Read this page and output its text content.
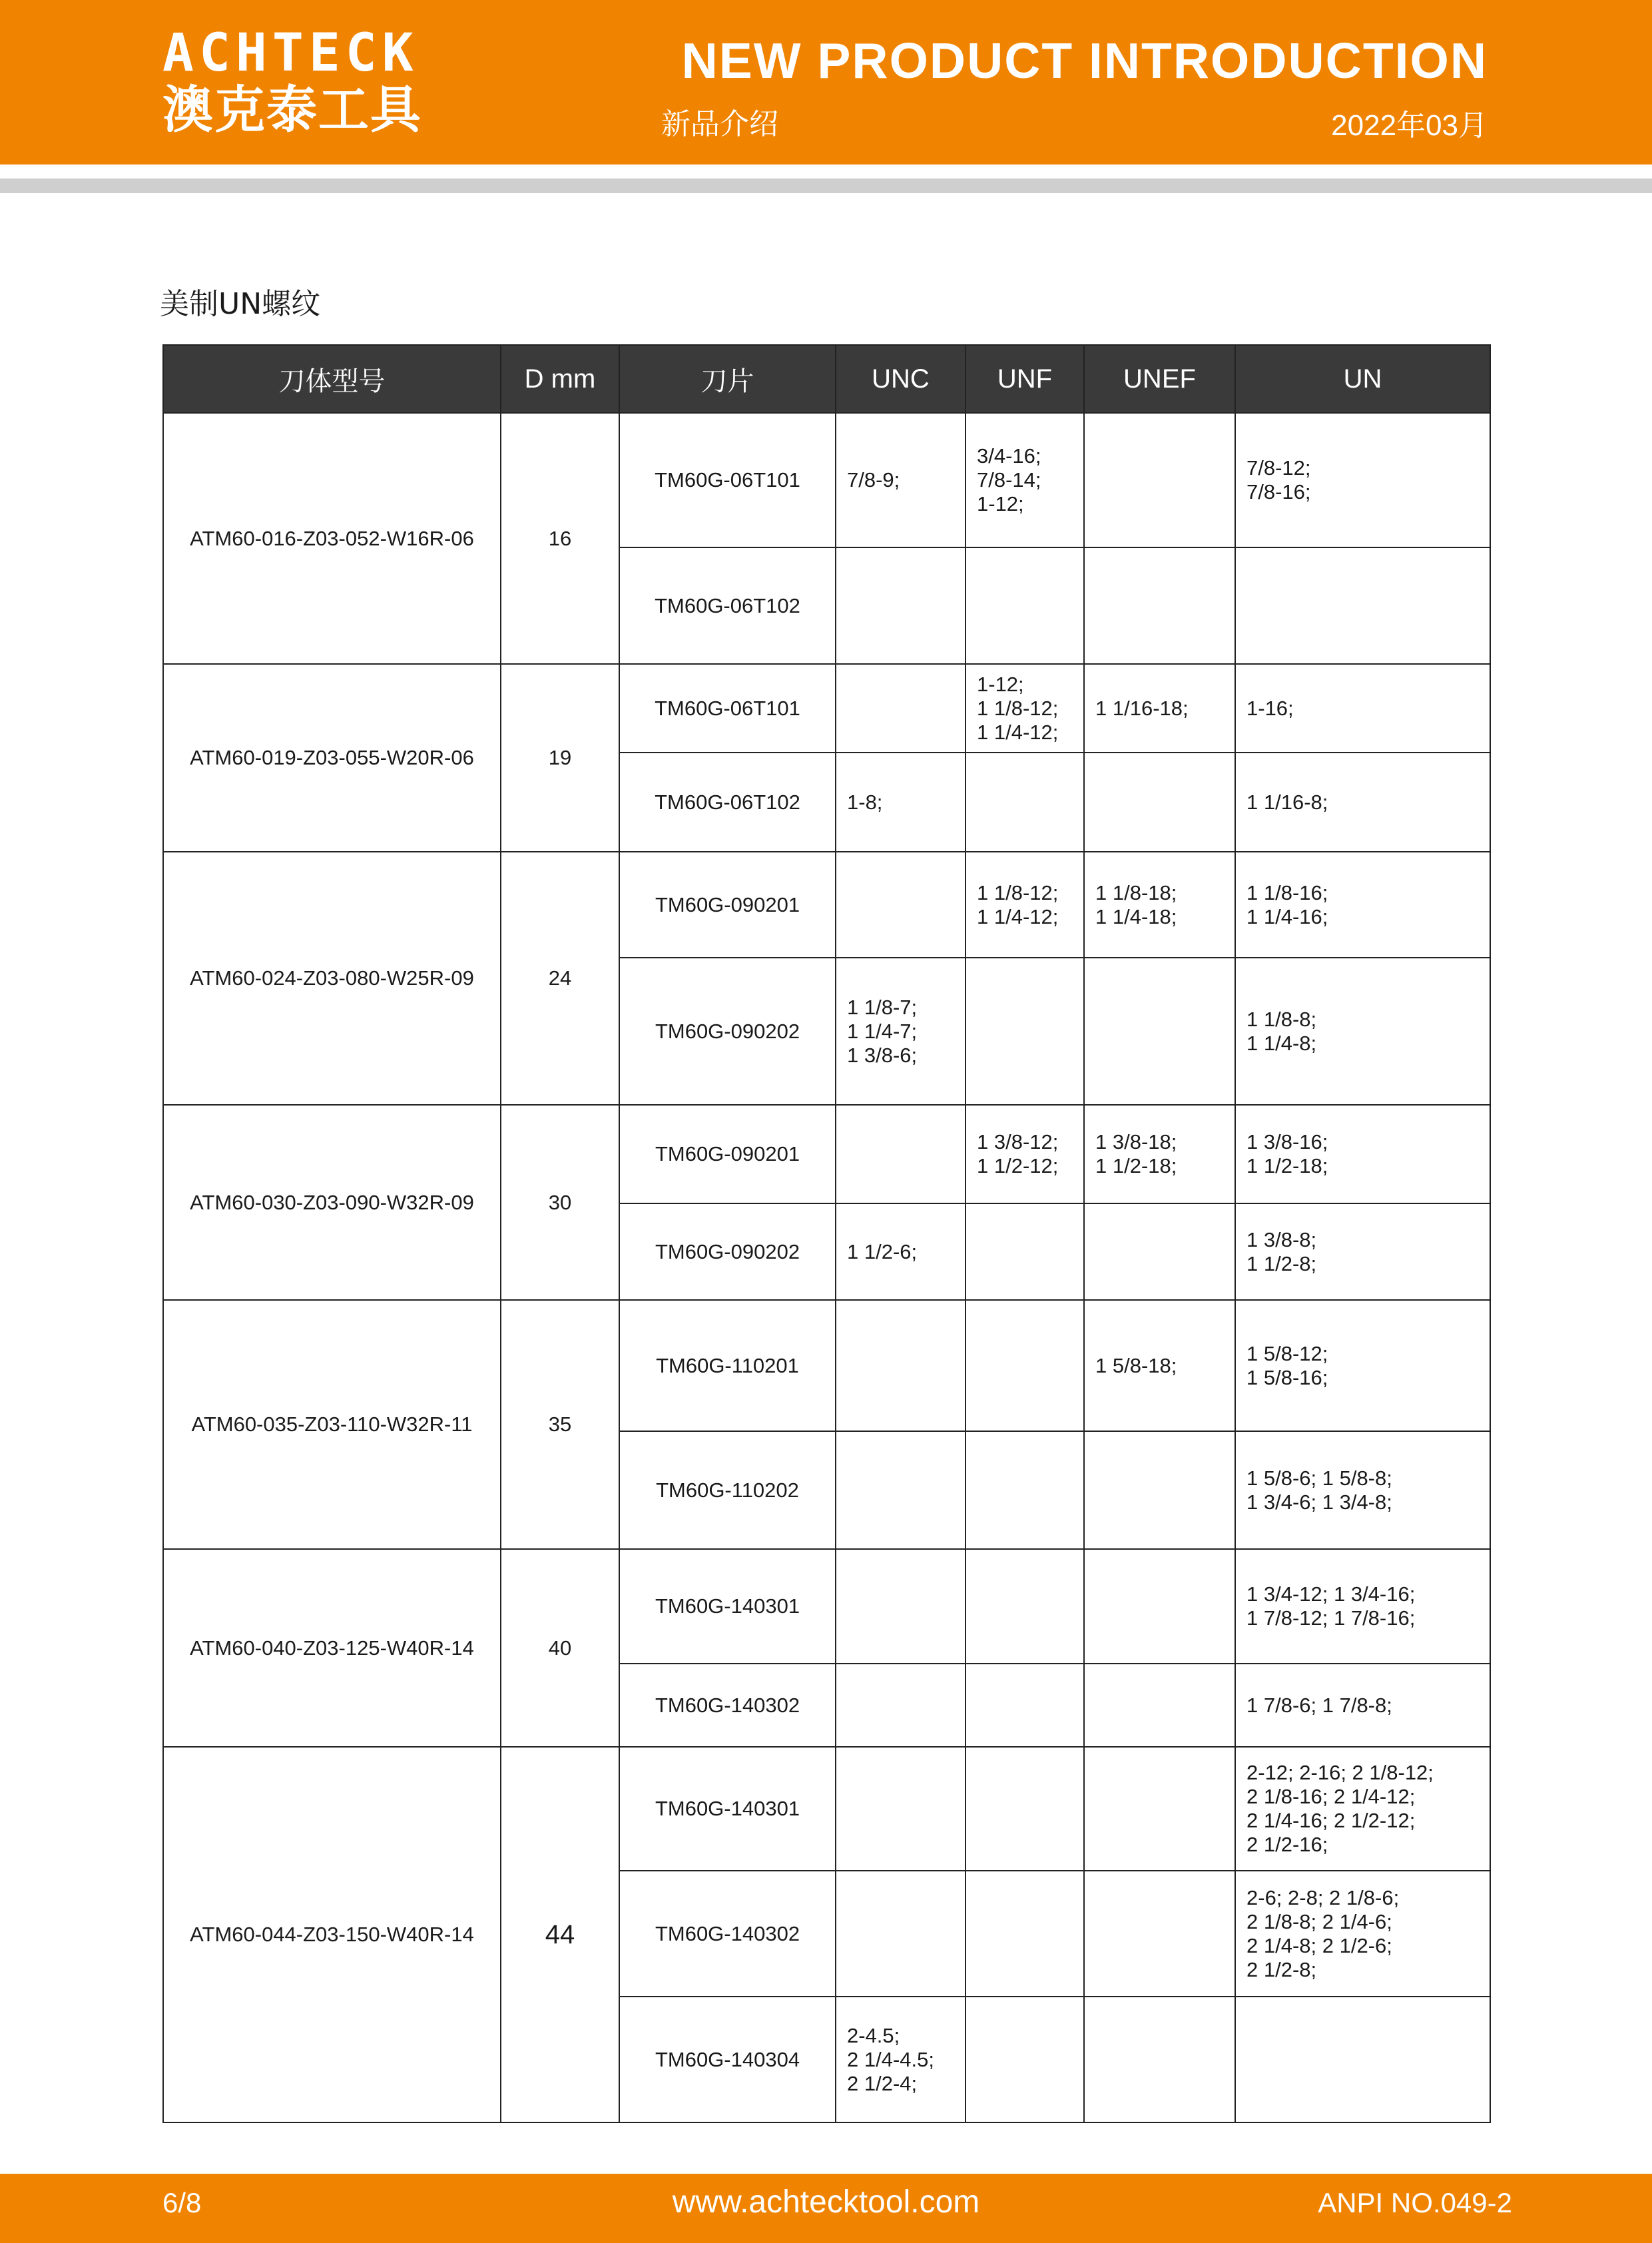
ACHTECK
澳克泰工具
NEW PRODUCT INTRODUCTION
新品介绍	2022年03月
美制UN螺纹
刀体型号	D mm	刀片	UNC	UNF	UNEF	UN
ATM60-016-Z03-052-W16R-06	16	TM60G-06T101	7/8-9;	3/4-16;
7/8-14;
1-12;		7/8-12;
7/8-16;
		TM60G-06T102				
ATM60-019-Z03-055-W20R-06	19	TM60G-06T101		1-12;
1 1/8-12;
1 1/4-12;	1 1/16-18;	1-16;
		TM60G-06T102	1-8;			1 1/16-8;
ATM60-024-Z03-080-W25R-09	24	TM60G-090201		1 1/8-12;
1 1/4-12;	1 1/8-18;
1 1/4-18;	1 1/8-16;
1 1/4-16;
		TM60G-090202	1 1/8-7;
1 1/4-7;
1 3/8-6;			1 1/8-8;
1 1/4-8;
ATM60-030-Z03-090-W32R-09	30	TM60G-090201		1 3/8-12;
1 1/2-12;	1 3/8-18;
1 1/2-18;	1 3/8-16;
1 1/2-18;
		TM60G-090202	1 1/2-6;			1 3/8-8;
1 1/2-8;
ATM60-035-Z03-110-W32R-11	35	TM60G-110201			1 5/8-18;	1 5/8-12;
1 5/8-16;
		TM60G-110202				1 5/8-6; 1 5/8-8;
1 3/4-6; 1 3/4-8;
ATM60-040-Z03-125-W40R-14	40	TM60G-140301				1 3/4-12; 1 3/4-16;
1 7/8-12; 1 7/8-16;
		TM60G-140302				1 7/8-6; 1 7/8-8;
ATM60-044-Z03-150-W40R-14	44	TM60G-140301				2-12; 2-16; 2 1/8-12;
2 1/8-16; 2 1/4-12;
2 1/4-16; 2 1/2-12;
2 1/2-16;
		TM60G-140302				2-6; 2-8; 2 1/8-6;
2 1/8-8; 2 1/4-6;
2 1/4-8; 2 1/2-6;
2 1/2-8;
		TM60G-140304	2-4.5;
2 1/4-4.5;
2 1/2-4;			
6/8	www.achtecktool.com	ANPI NO.049-2
